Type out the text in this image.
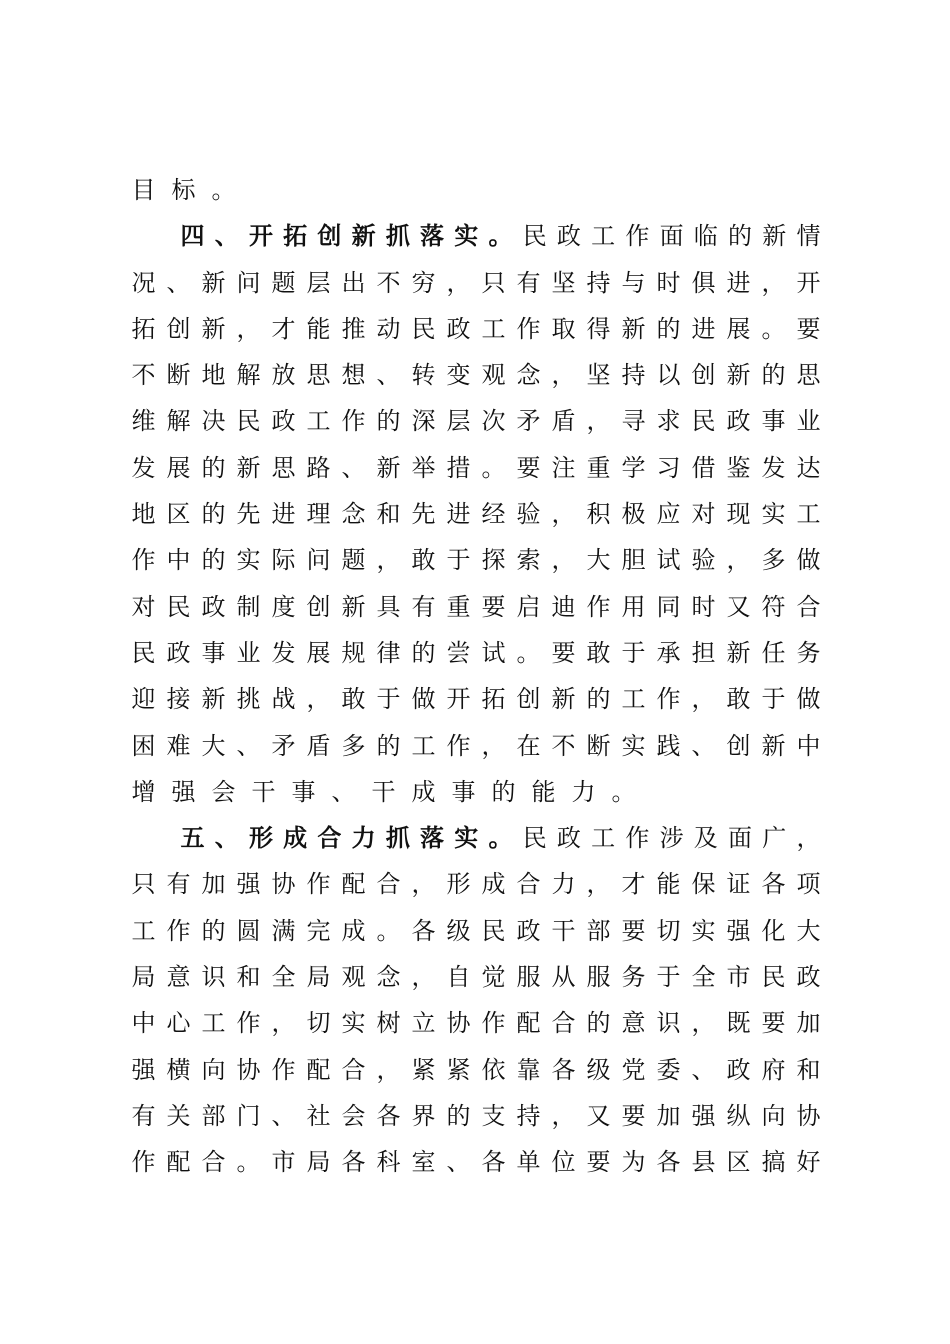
目 标 。
四 、 开 拓 创 新 抓 落 实 。 民 政 工 作 面 临 的 新 情
况 、 新 问 题 层 出 不 穷 ， 只 有 坚 持 与 时 俱 进 ， 开
拓 创 新 ， 才 能 推 动 民 政 工 作 取 得 新 的 进 展 。 要
不 断 地 解 放 思 想 、 转 变 观 念 ， 坚 持 以 创 新 的 思
维 解 决 民 政 工 作 的 深 层 次 矛 盾 ， 寻 求 民 政 事 业
发 展 的 新 思 路 、 新 举 措 。 要 注 重 学 习 借 鉴 发 达
地 区 的 先 进 理 念 和 先 进 经 验 ， 积 极 应 对 现 实 工
作 中 的 实 际 问 题 ， 敢 于 探 索 ， 大 胆 试 验 ， 多 做
对 民 政 制 度 创 新 具 有 重 要 启 迪 作 用 同 时 又 符 合
民 政 事 业 发 展 规 律 的 尝 试 。 要 敢 于 承 担 新 任 务
迎 接 新 挑 战 ， 敢 于 做 开 拓 创 新 的 工 作 ， 敢 于 做
困 难 大 、 矛 盾 多 的 工 作 ， 在 不 断 实 践 、 创 新 中
增 强 会 干 事 、 干 成 事 的 能 力 。
五 、 形 成 合 力 抓 落 实 。 民 政 工 作 涉 及 面 广 ，
只 有 加 强 协 作 配 合 ， 形 成 合 力 ， 才 能 保 证 各 项
工 作 的 圆 满 完 成 。 各 级 民 政 干 部 要 切 实 强 化 大
局 意 识 和 全 局 观 念 ， 自 觉 服 从 服 务 于 全 市 民 政
中 心 工 作 ， 切 实 树 立 协 作 配 合 的 意 识 ， 既 要 加
强 横 向 协 作 配 合 ， 紧 紧 依 靠 各 级 党 委 、 政 府 和
有 关 部 门 、 社 会 各 界 的 支 持 ， 又 要 加 强 纵 向 协
作 配 合 。 市 局 各 科 室 、 各 单 位 要 为 各 县 区 搞 好
